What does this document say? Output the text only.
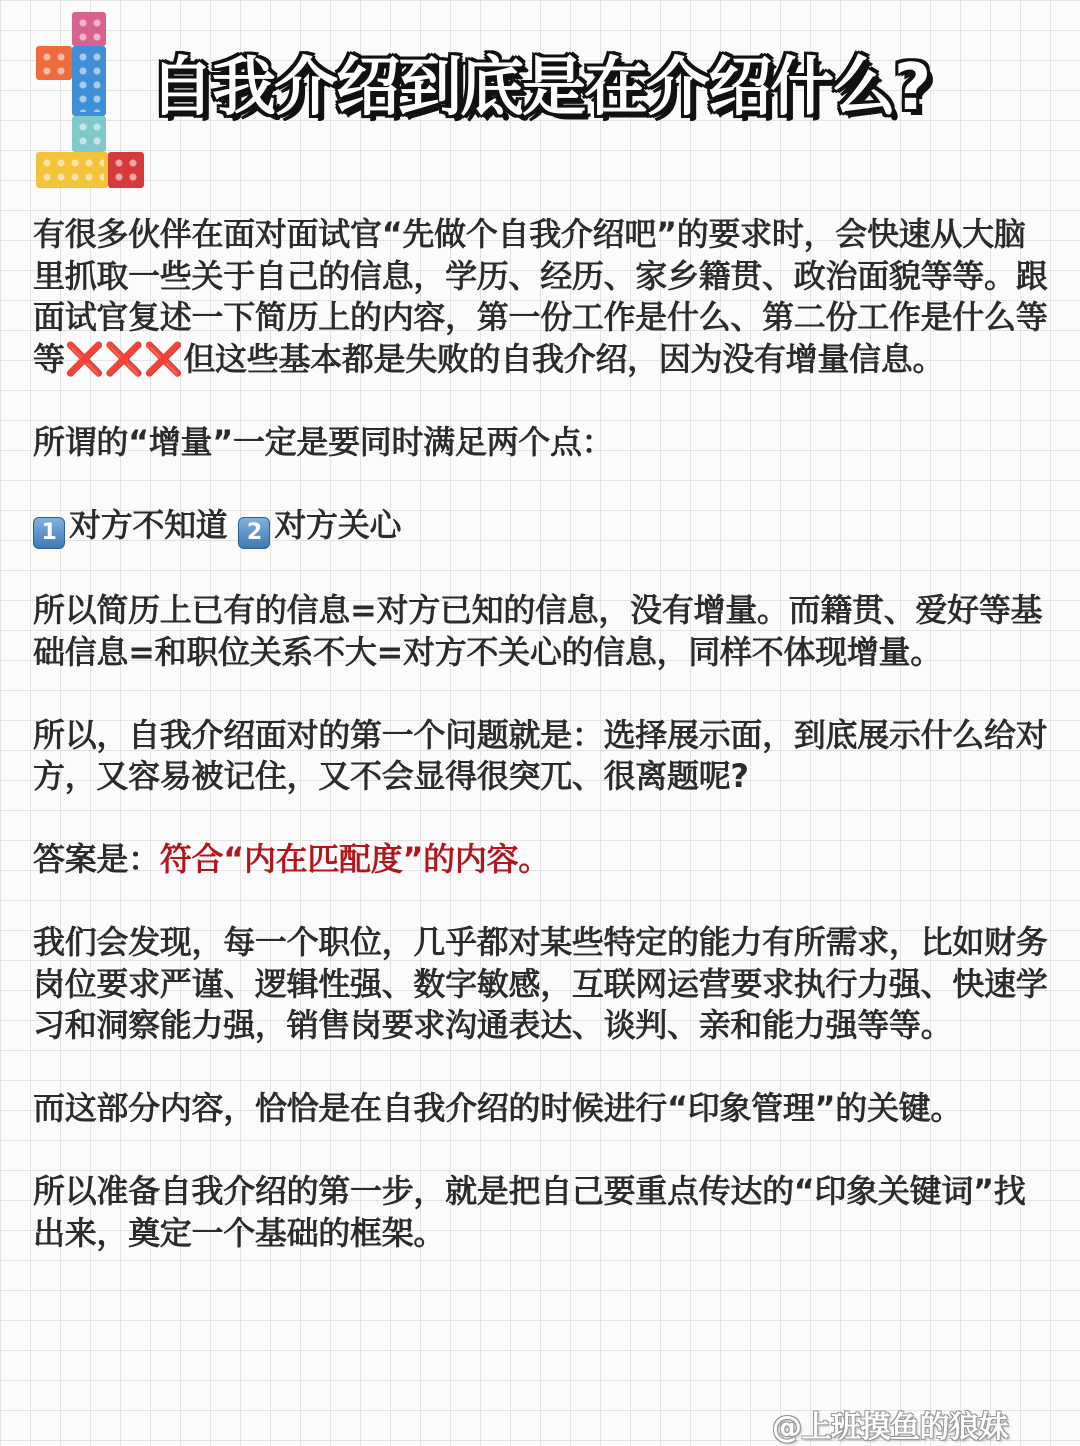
自我介绍到底是在介绍什么?

有很多伙伴在面对面试官“先做个自我介绍吧”的要求时，会快速从大脑里抓取一些关于自己的信息，学历、经历、家乡籍贯、政治面貌等等。跟面试官复述一下简历上的内容，第一份工作是什么、第二份工作是什么等等❌❌❌但这些基本都是失败的自我介绍，因为没有增量信息。

所谓的“增量”一定是要同时满足两个点：

1 对方不知道 2 对方关心

所以简历上已有的信息=对方已知的信息，没有增量。而籍贯、爱好等基础信息=和职位关系不大=对方不关心的信息，同样不体现增量。

所以，自我介绍面对的第一个问题就是：选择展示面，到底展示什么给对方，又容易被记住，又不会显得很突兀、很离题呢?

答案是：符合“内在匹配度”的内容。

我们会发现，每一个职位，几乎都对某些特定的能力有所需求，比如财务岗位要求严谨、逻辑性强、数字敏感，互联网运营要求执行力强、快速学习和洞察能力强，销售岗要求沟通表达、谈判、亲和能力强等等。

而这部分内容，恰恰是在自我介绍的时候进行“印象管理”的关键。

所以准备自我介绍的第一步，就是把自己要重点传达的“印象关键词”找出来，奠定一个基础的框架。

@上班摸鱼的狼妹
